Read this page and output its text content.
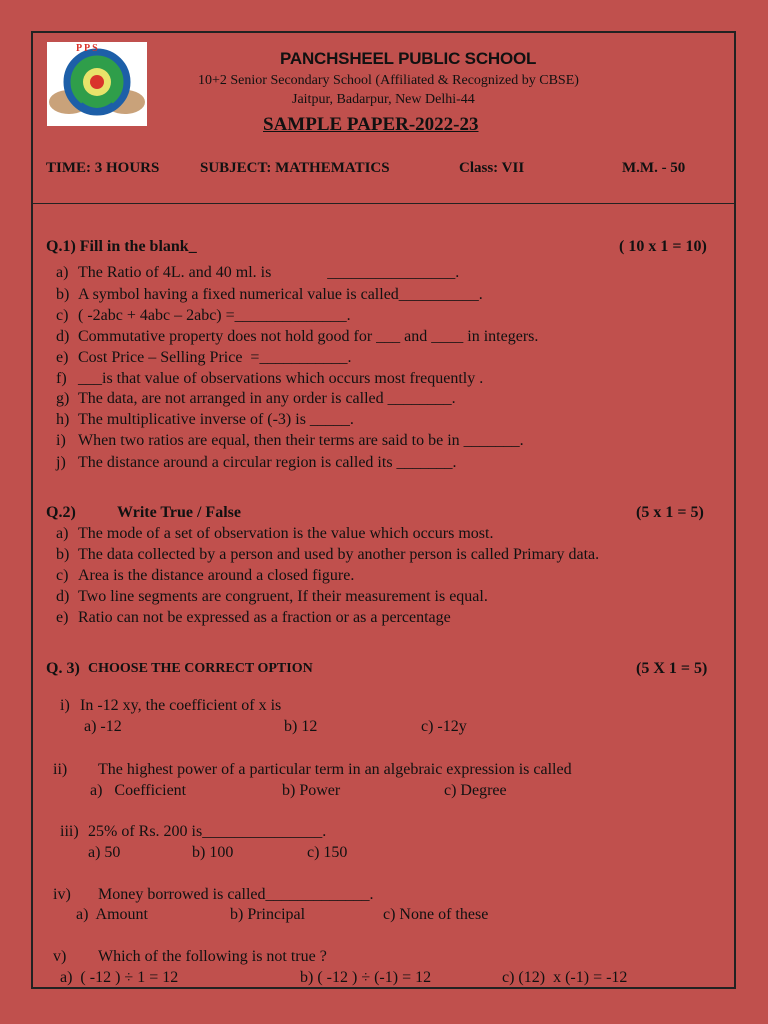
P P S
PANCHSHEEL PUBLIC SCHOOL
10+2 Senior Secondary School (Affiliated & Recognized by CBSE)
Jaitpur, Badarpur, New Delhi-44
SAMPLE PAPER-2022-23
TIME: 3 HOURS	SUBJECT: MATHEMATICS	Class: VII	M.M. - 50
Q.1) Fill in the blank_	( 10 x 1 = 10)
a) The Ratio of 4L. and 40 ml. is              ________________.
b) A symbol having a fixed numerical value is called__________.
c) ( -2abc + 4abc – 2abc) =______________.
d) Commutative property does not hold good for ___ and ____ in integers.
e) Cost Price – Selling Price  =___________.
f) ___is that value of observations which occurs most frequently .
g) The data, are not arranged in any order is called ________.
h) The multiplicative inverse of (-3) is _____.
i) When two ratios are equal, then their terms are said to be in _______.
j) The distance around a circular region is called its _______.
Q.2)	Write True / False	(5 x 1 = 5)
a) The mode of a set of observation is the value which occurs most.
b) The data collected by a person and used by another person is called Primary data.
c) Area is the distance around a closed figure.
d) Two line segments are congruent, If their measurement is equal.
e) Ratio can not be expressed as a fraction or as a percentage
Q. 3) CHOOSE THE CORRECT OPTION	(5 X 1 = 5)
i) In -12 xy, the coefficient of x is
a) -12	b) 12	c) -12y
ii) The highest power of a particular term in an algebraic expression is called
a)   Coefficient	b) Power	c) Degree
iii) 25% of Rs. 200 is_______________.
a) 50	b) 100	c) 150
iv) Money borrowed is called_____________.
a)  Amount	b) Principal	c) None of these
v) Which of the following is not true ?
a)  ( -12 ) ÷ 1 = 12	b) ( -12 ) ÷ (-1) = 12	c) (12)  x (-1) = -12
